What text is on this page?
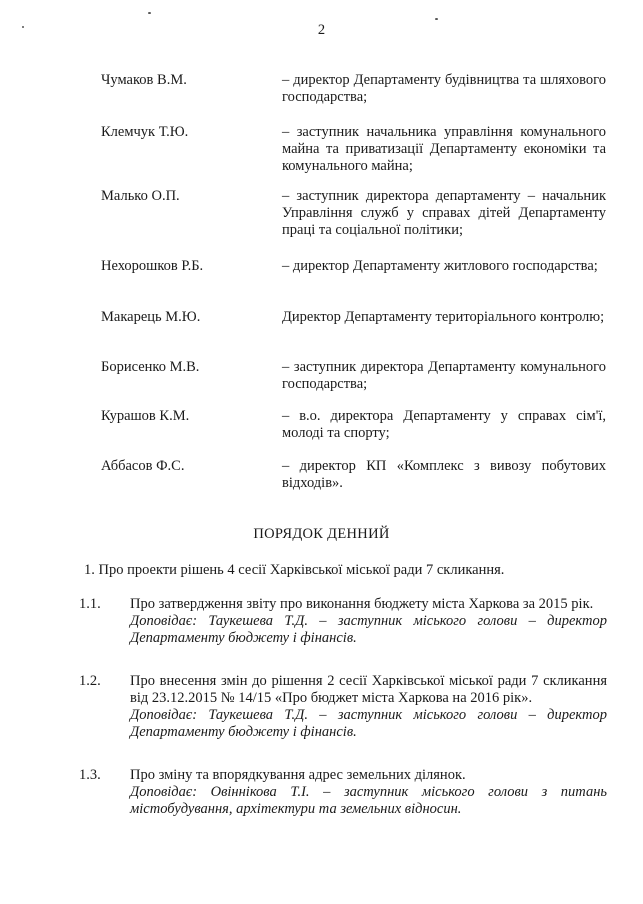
2
Чумаков В.М.	– директор Департаменту будівництва та шляхового господарства;
Клемчук Т.Ю.	– заступник начальника управління комунального майна та приватизації Департаменту економіки та комунального майна;
Малько О.П.	– заступник директора департаменту – начальник Управління служб у справах дітей Департаменту праці та соціальної політики;
Нехорошков Р.Б.	– директор Департаменту житлового господарства;
Макарець М.Ю.	Директор Департаменту територіального контролю;
Борисенко М.В.	– заступник директора Департаменту комунального господарства;
Курашов К.М.	– в.о. директора Департаменту у справах сім'ї, молоді та спорту;
Аббасов Ф.С.	– директор КП «Комплекс з вивозу побутових відходів».
ПОРЯДОК ДЕННИЙ
1. Про проекти рішень 4 сесії Харківської міської ради 7 скликання.
1.1. Про затвердження звіту про виконання бюджету міста Харкова за 2015 рік.
Доповідає: Таукешева Т.Д. – заступник міського голови – директор Департаменту бюджету і фінансів.
1.2. Про внесення змін до рішення 2 сесії Харківської міської ради 7 скликання від 23.12.2015 № 14/15 «Про бюджет міста Харкова на 2016 рік».
Доповідає: Таукешева Т.Д. – заступник міського голови – директор Департаменту бюджету і фінансів.
1.3. Про зміну та впорядкування адрес земельних ділянок.
Доповідає: Овіннікова Т.І. – заступник міського голови з питань містобудування, архітектури та земельних відносин.
